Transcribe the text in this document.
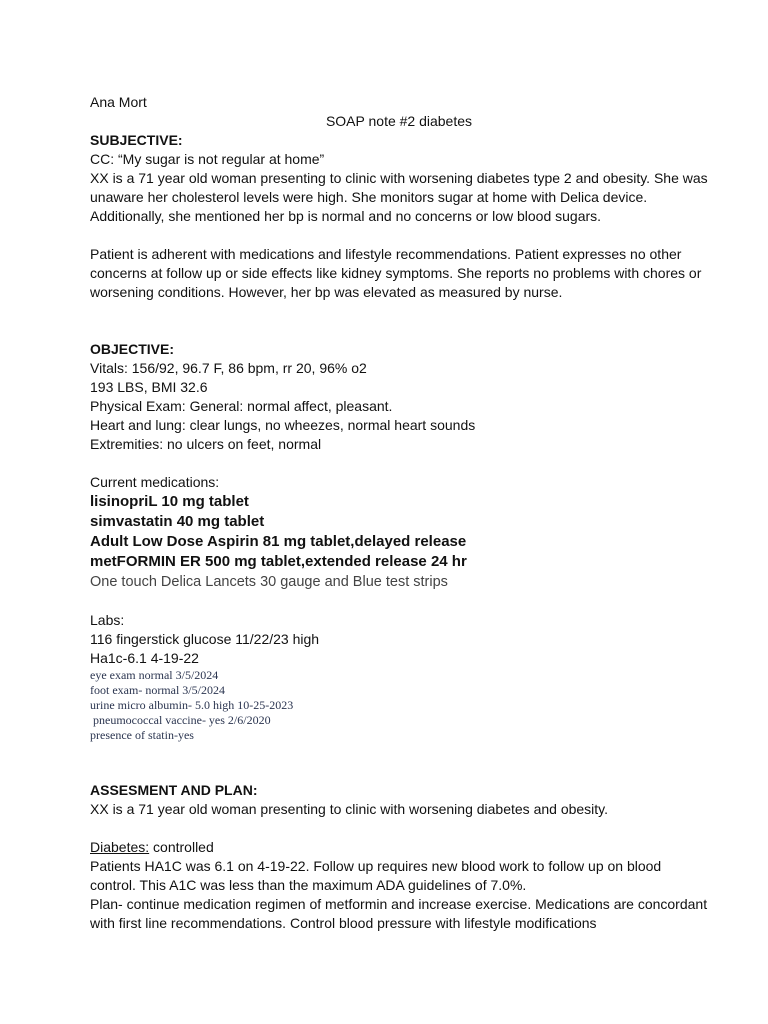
Ana Mort
SOAP note #2 diabetes
SUBJECTIVE:
CC: “My sugar is not regular at home”
XX is a 71 year old woman presenting to clinic with worsening diabetes type 2 and obesity. She was unaware her cholesterol levels were high. She monitors sugar at home with Delica device. Additionally, she mentioned her bp is normal and no concerns or low blood sugars.
Patient is adherent with medications and lifestyle recommendations. Patient expresses no other concerns at follow up or side effects like kidney symptoms. She reports no problems with chores or worsening conditions. However, her bp was elevated as measured by nurse.
OBJECTIVE:
Vitals: 156/92, 96.7 F, 86 bpm, rr 20, 96% o2
193 LBS, BMI 32.6
Physical Exam: General: normal affect, pleasant.
Heart and lung: clear lungs, no wheezes, normal heart sounds
Extremities: no ulcers on feet, normal
Current medications:
lisinopriL 10 mg tablet
simvastatin 40 mg tablet
Adult Low Dose Aspirin 81 mg tablet,delayed release
metFORMIN ER 500 mg tablet,extended release 24 hr
One touch Delica Lancets 30 gauge and Blue test strips
Labs:
116 fingerstick glucose 11/22/23 high
Ha1c-6.1 4-19-22
eye exam normal 3/5/2024
foot exam- normal 3/5/2024
urine micro albumin- 5.0 high 10-25-2023
pneumococcal vaccine- yes 2/6/2020
presence of statin-yes
ASSESMENT AND PLAN:
XX is a 71 year old woman presenting to clinic with worsening diabetes and obesity.
Diabetes: controlled
Patients HA1C was 6.1 on 4-19-22. Follow up requires new blood work to follow up on blood control. This A1C was less than the maximum ADA guidelines of 7.0%.
Plan- continue medication regimen of metformin and increase exercise. Medications are concordant with first line recommendations. Control blood pressure with lifestyle modifications
